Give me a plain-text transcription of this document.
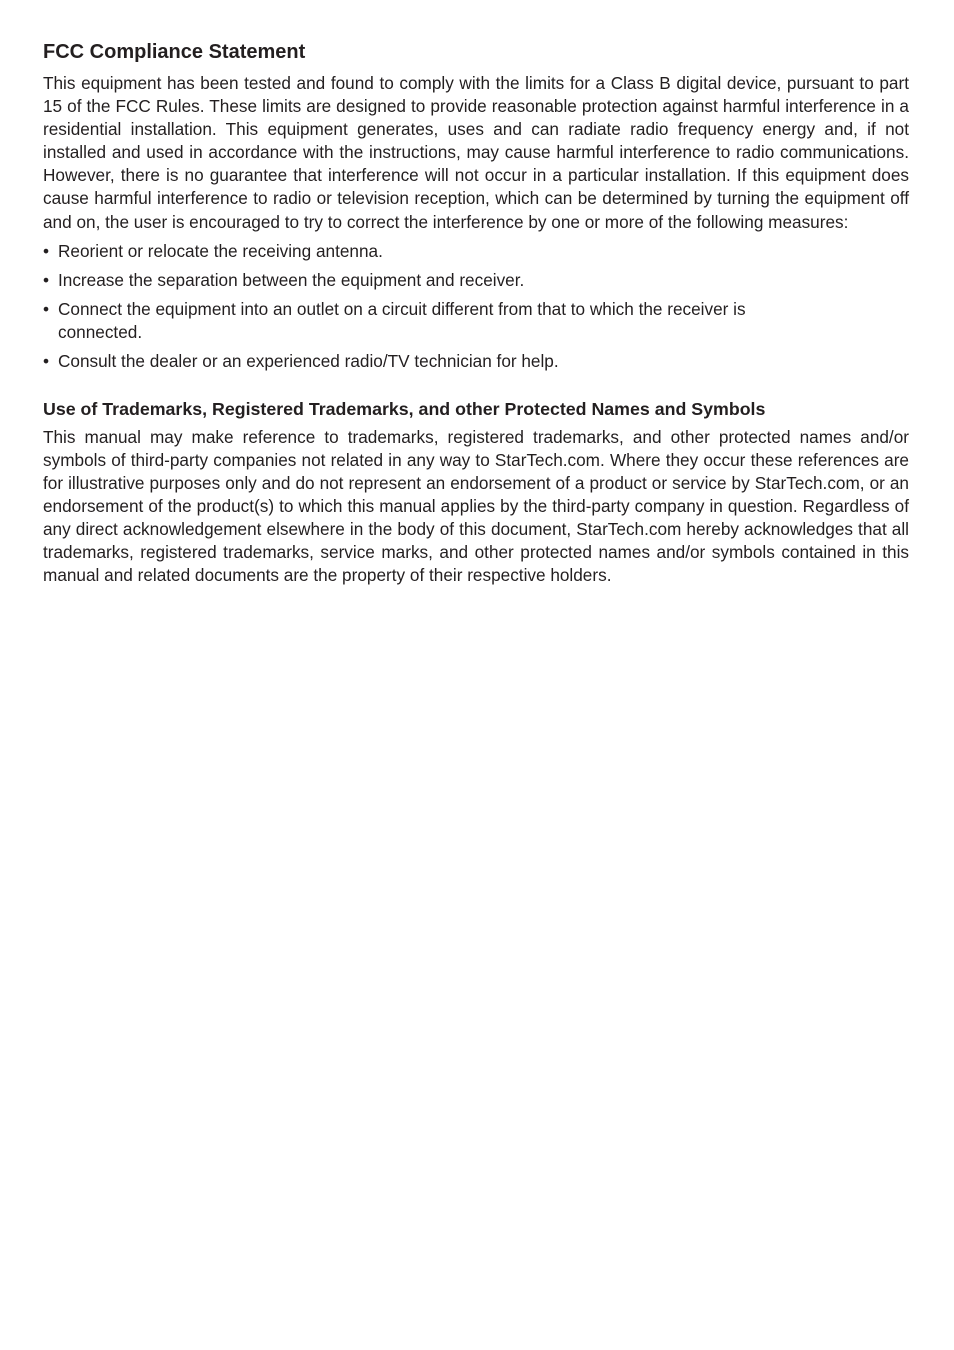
FCC Compliance Statement

This equipment has been tested and found to comply with the limits for a Class B digital device, pursuant to part 15 of the FCC Rules. These limits are designed to provide reasonable protection against harmful interference in a residential installation. This equipment generates, uses and can radiate radio frequency energy and, if not installed and used in accordance with the instructions, may cause harmful interference to radio communications. However, there is no guarantee that interference will not occur in a particular installation. If this equipment does cause harmful interference to radio or television reception, which can be determined by turning the equipment off and on, the user is encouraged to try to correct the interference by one or more of the following measures:

• Reorient or relocate the receiving antenna.
• Increase the separation between the equipment and receiver.
• Connect the equipment into an outlet on a circuit different from that to which the receiver is connected.
• Consult the dealer or an experienced radio/TV technician for help.
Use of Trademarks, Registered Trademarks, and other Protected Names and Symbols

This manual may make reference to trademarks, registered trademarks, and other protected names and/or symbols of third-party companies not related in any way to StarTech.com. Where they occur these references are for illustrative purposes only and do not represent an endorsement of a product or service by StarTech.com, or an endorsement of the product(s) to which this manual applies by the third-party company in question. Regardless of any direct acknowledgement elsewhere in the body of this document, StarTech.com hereby acknowledges that all trademarks, registered trademarks, service marks, and other protected names and/or symbols contained in this manual and related documents are the property of their respective holders.
